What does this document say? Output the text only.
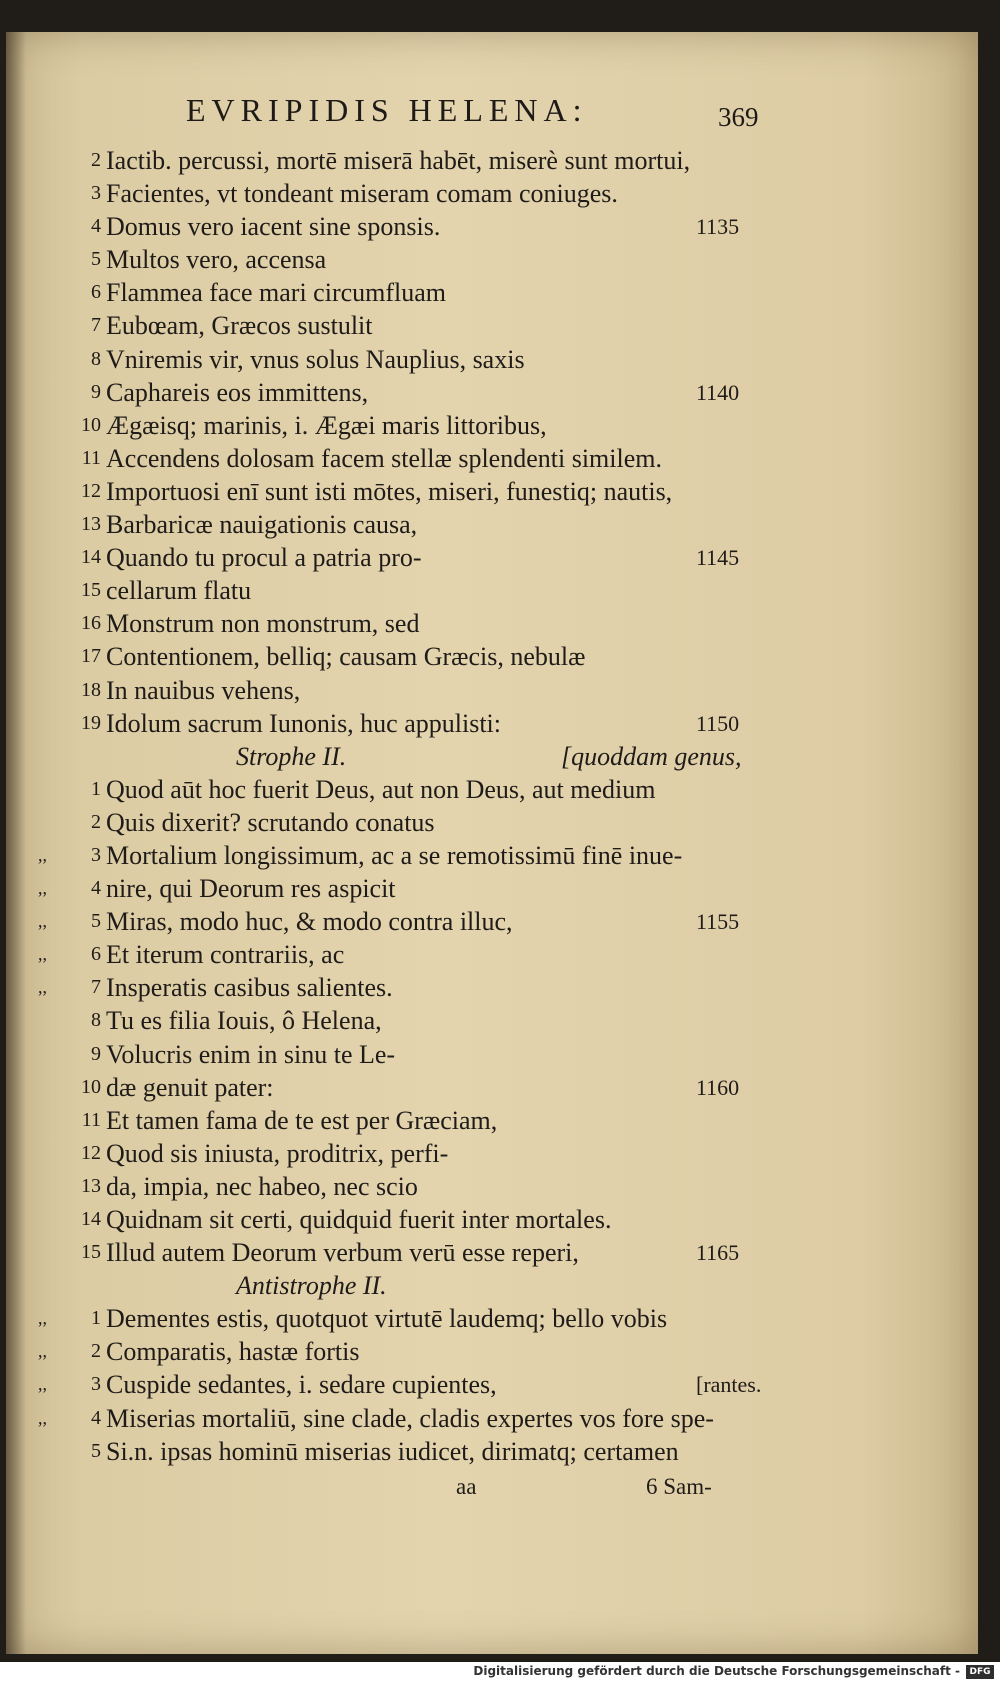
EVRIPIDIS HELENA:	369
2 Iactib. percussi, mortē miserā habēt, miserè sunt mortui,
3 Facientes, vt tondeant miseram comam coniuges.
4 Domus vero iacent sine sponsis.	1135
5 Multos vero, accensa
6 Flammea face mari circumfluam
7 Eubœam, Græcos sustulit
8 Vniremis vir, vnus solus Nauplius, saxis
9 Caphareis eos immittens,	1140
10 Ægæisq; marinis, i. Ægæi maris littoribus,
11 Accendens dolosam facem stellæ splendenti similem.
12 Importuosi enī sunt isti mōtes, miseri, funestiq; nautis,
13 Barbaricæ nauigationis causa,
14 Quando tu procul a patria pro-	1145
15 cellarum flatu
16 Monstrum non monstrum, sed
17 Contentionem, belliq; causam Græcis, nebulæ
18 In nauibus vehens,
19 Idolum sacrum Iunonis, huc appulisti:	1150
Strophe II.	[quoddam genus,
1 Quod aūt hoc fuerit Deus, aut non Deus, aut medium
2 Quis dixerit? scrutando conatus
,,	3 Mortalium longissimum, ac a se remotissimū finē inue-
,,	4 nire, qui Deorum res aspicit
,,	5 Miras, modo huc, & modo contra illuc,	1155
,,	6 Et iterum contrariis, ac
,,	7 Insperatis casibus salientes.
8 Tu es filia Iouis, ô Helena,
9 Volucris enim in sinu te Le-
10 dæ genuit pater:	1160
11 Et tamen fama de te est per Græciam,
12 Quod sis iniusta, proditrix, perfi-
13 da, impia, nec habeo, nec scio
14 Quidnam sit certi, quidquid fuerit inter mortales.
15 Illud autem Deorum verbum verū esse reperi,	1165
Antistrophe II.
,,	1 Dementes estis, quotquot virtutē laudemq; bello vobis
,,	2 Comparatis, hastæ fortis
,,	3 Cuspide sedantes, i. sedare cupientes,	[rantes.
,,	4 Miserias mortaliū, sine clade, cladis expertes vos fore spe-
5 Si.n. ipsas hominū miserias iudicet, dirimatq; certamen
aa	6 Sam-
Digitalisierung gefördert durch die Deutsche Forschungsgemeinschaft -	DFG
